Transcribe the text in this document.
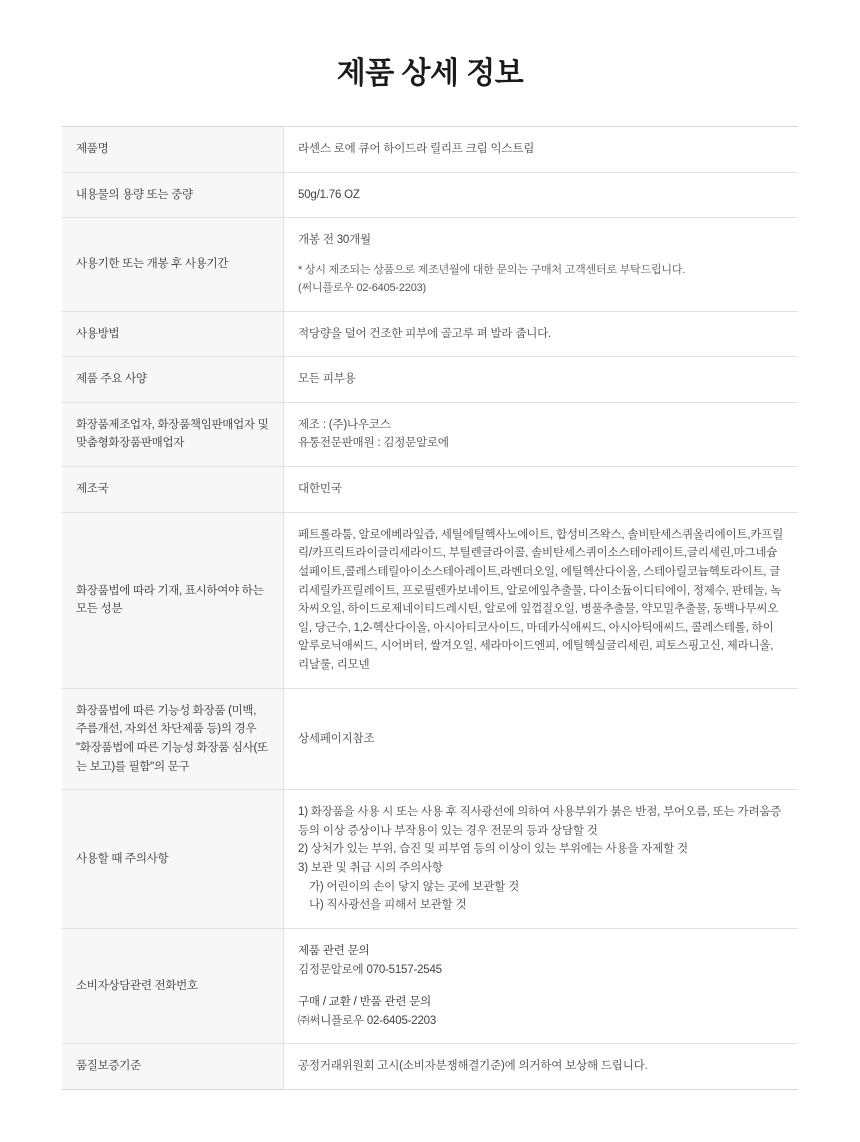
제품 상세 정보
제품명	라센스 로에 큐어 하이드라 릴리프 크림 익스트림
내용물의 용량 또는 중량	50g/1.76 OZ
사용기한 또는 개봉 후 사용기간	개봉 전 30개월
* 상시 제조되는 상품으로 제조년월에 대한 문의는 구매처 고객센터로 부탁드립니다.
(써니플로우 02-6405-2203)

사용방법	적당량을 덜어 건조한 피부에 골고루 펴 발라 줍니다.
제품 주요 사양	모든 피부용
화장품제조업자, 화장품책임판매업자 및 맞춤형화장품판매업자	제조 : (주)나우코스
유통전문판매원 : 김정문알로에

제조국	대한민국
화장품법에 따라 기재, 표시하여야 하는 모든 성분	페트롤라툼, 알로에베라잎즙, 세틸에틸헥사노에이트, 합성비즈왁스, 솔비탄세스퀴올리에이트,카프릴릭/카프릭트라이글리세라이드, 부틸렌글라이콜, 솔비탄세스퀴이소스테아레이트,글리세린,마그네슘설페이트,콜레스테릴아이소스테아레이트,라벤더오일, 에틸헥산다이올, 스테아릴코늄헥토라이트, 글리세릴카프릴레이트, 프로필렌카보네이트, 알로에잎추출물, 다이소듐이디티에이, 정제수, 판테놀, 녹차씨오일, 하이드로제네이티드레시틴, 알로에 잎껍질오일, 병풀추출물, 약모밀추출물, 동백나무씨오일, 당근수, 1,2-헥산다이올, 아시아티코사이드, 마데카식애씨드, 아시아틱애씨드, 콜레스테롤, 하이알루로닉애씨드, 시어버터, 쌀겨오일, 세라마이드엔피, 에틸헥실글리세린, 피토스핑고신, 제라니올, 리날룰, 리모넨
화장품법에 따른 기능성 화장품 (미백, 주름개선, 자외선 차단제품 등)의 경우 "화장품법에 따른 기능성 화장품 심사(또는 보고)를 필함"의 문구	상세페이지참조
사용할 때 주의사항	1) 화장품을 사용 시 또는 사용 후 직사광선에 의하여 사용부위가 붉은 반점, 부어오름, 또는 가려움증 등의 이상 증상이나 부작용이 있는 경우 전문의 등과 상담할 것
2) 상처가 있는 부위, 습진 및 피부염 등의 이상이 있는 부위에는 사용을 자제할 것
3) 보관 및 취급 시의 주의사항
가) 어린이의 손이 닿지 않는 곳에 보관할 것
나) 직사광선을 피해서 보관할 것

소비자상담관련 전화번호	제품 관련 문의
김정문알로에 070-5157-2545
구매 / 교환 / 반품 관련 문의
㈜써니플로우 02-6405-2203

품질보증기준	공정거래위원회 고시(소비자분쟁해결기준)에 의거하여 보상해 드립니다.
